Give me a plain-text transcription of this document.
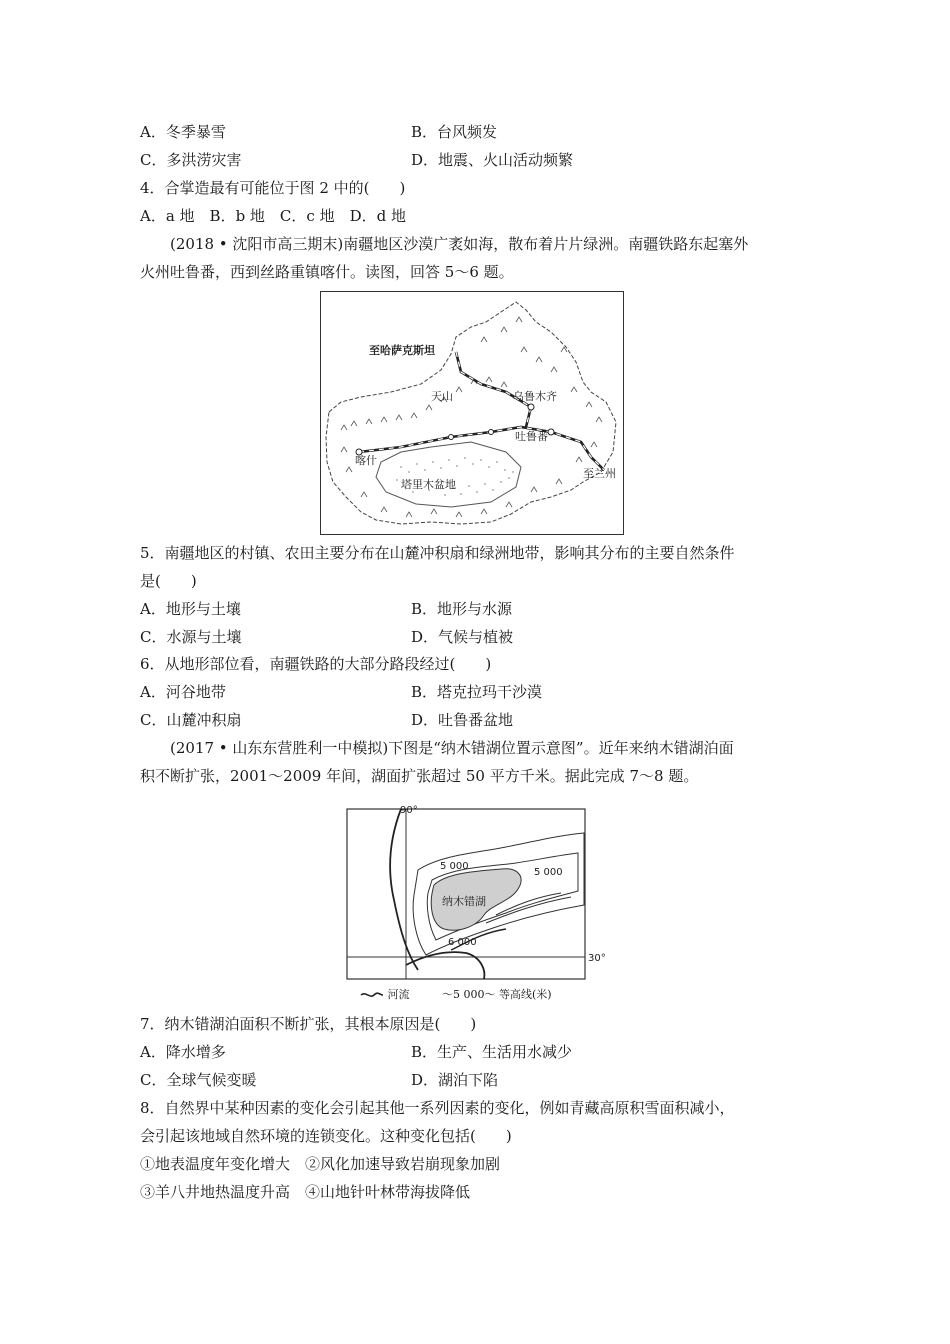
A．冬季暴雪	B．台风频发
C．多洪涝灾害	D．地震、火山活动频繁
4．合掌造最有可能位于图 2 中的(　　)
A．a 地　B．b 地　C．c 地　D．d 地
(2018 • 沈阳市高三期末)南疆地区沙漠广袤如海，散布着片片绿洲。南疆铁路东起塞外
火州吐鲁番，西到丝路重镇喀什。读图，回答 5～6 题。
至哈萨克斯坦
天山	乌鲁木齐
吐鲁番
喀什
至兰州
塔里木盆地
5．南疆地区的村镇、农田主要分布在山麓冲积扇和绿洲地带，影响其分布的主要自然条件
是(　　)
A．地形与土壤	B．地形与水源
C．水源与土壤	D．气候与植被
6．从地形部位看，南疆铁路的大部分路段经过(　　)
A．河谷地带	B．塔克拉玛干沙漠
C．山麓冲积扇	D．吐鲁番盆地
(2017 • 山东东营胜利一中模拟)下图是“纳木错湖位置示意图”。近年来纳木错湖泊面
积不断扩张，2001～2009 年间，湖面扩张超过 50 平方千米。据此完成 7～8 题。
90°
30°
5 000
5 000
6 000
纳木错湖
河流	～5 000〜 等高线(米)
7．纳木错湖泊面积不断扩张，其根本原因是(　　)
A．降水增多	B．生产、生活用水减少
C．全球气候变暖	D．湖泊下陷
8．自然界中某种因素的变化会引起其他一系列因素的变化，例如青藏高原积雪面积减小，
会引起该地域自然环境的连锁变化。这种变化包括(　　)
①地表温度年变化增大　②风化加速导致岩崩现象加剧
③羊八井地热温度升高　④山地针叶林带海拔降低
